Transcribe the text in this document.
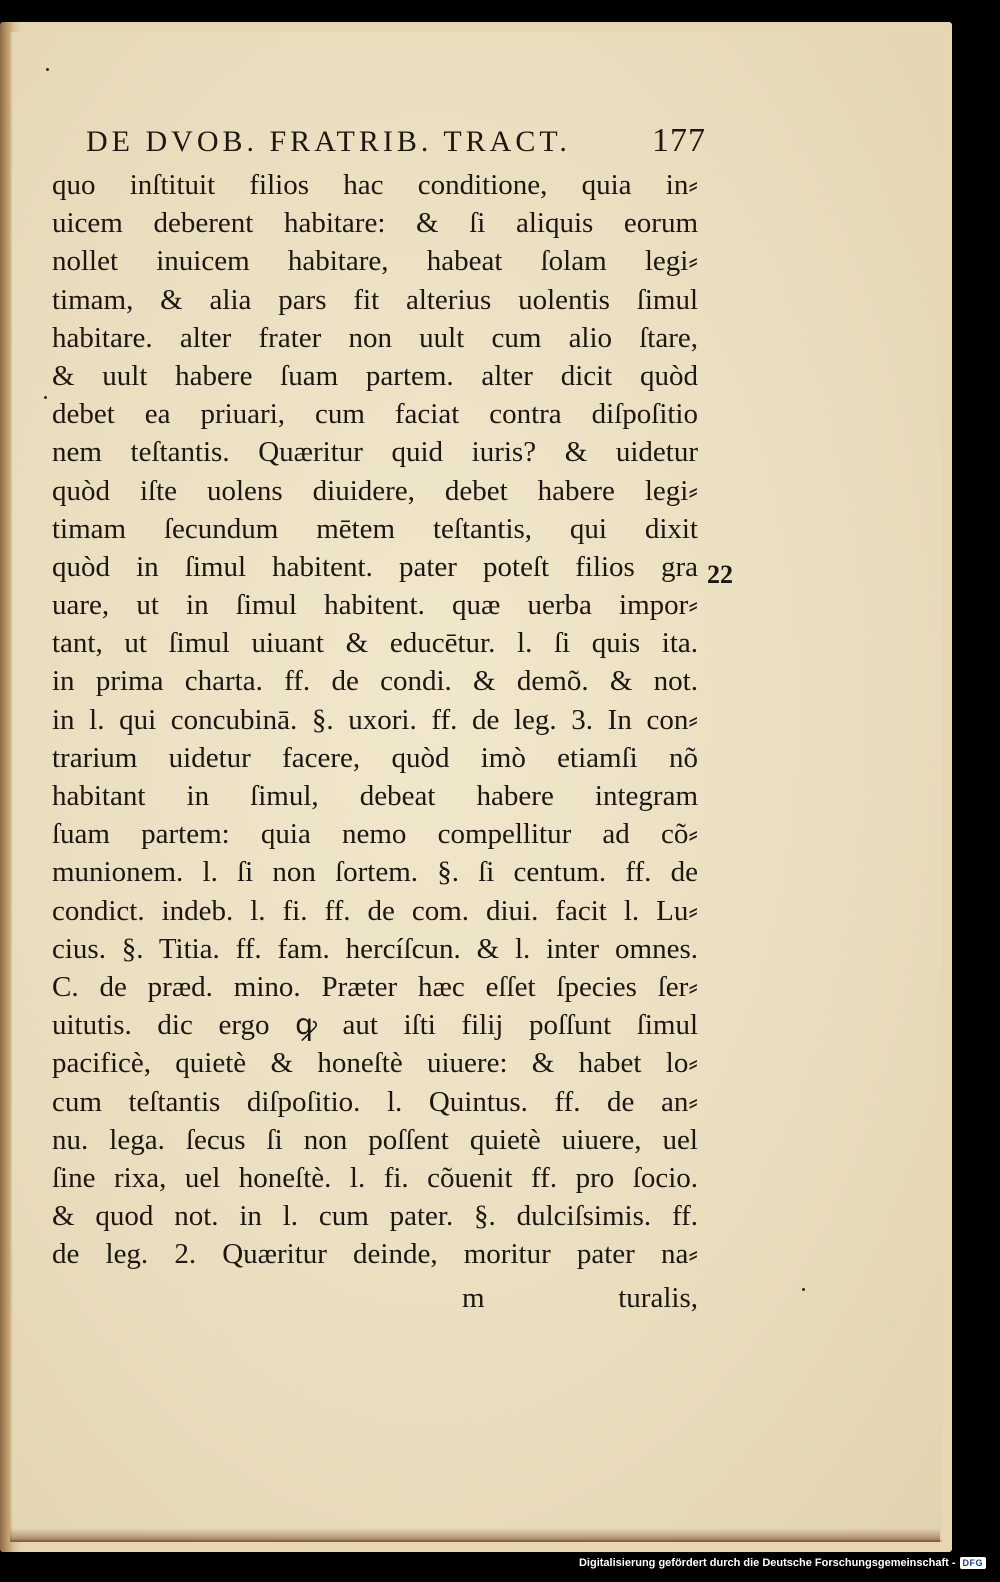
DE DVOB. FRATRIB. TRACT. 177
quo inſtituit filios hac conditione, quia in⸗
uicem deberent habitare: & ſi aliquis eorum
nollet inuicem habitare, habeat ſolam legi⸗
timam, & alia pars fit alterius uolentis ſimul
habitare. alter frater non uult cum alio ſtare,
& uult habere ſuam partem. alter dicit quòd
debet ea priuari, cum faciat contra diſpoſitio
nem teſtantis. Quæritur quid iuris? & uidetur
quòd iſte uolens diuidere, debet habere legi⸗
timam ſecundum mētem teſtantis, qui dixit
quòd in ſimul habitent. pater poteſt filios gra
uare, ut in ſimul habitent. quæ uerba impor⸗
tant, ut ſimul uiuant & educētur. l. ſi quis ita.
in prima charta. ff. de condi. & demõ. & not.
in l. qui concubinā. §. uxori. ff. de leg. 3. In con⸗
trarium uidetur facere, quòd imò etiamſi nõ
habitant in ſimul, debeat habere integram
ſuam partem: quia nemo compellitur ad cõ⸗
munionem. l. ſi non ſortem. §. ſi centum. ff. de
condict. indeb. l. fi. ff. de com. diui. facit l. Lu⸗
cius. §. Titia. ff. fam. hercíſcun. & l. inter omnes.
C. de præd. mino. Præter hæc eſſet ſpecies ſer⸗
uitutis. dic ergo ꝙ aut iſti filij poſſunt ſimul
pacificè, quietè & honeſtè uiuere: & habet lo⸗
cum teſtantis diſpoſitio. l. Quintus. ff. de an⸗
nu. lega. ſecus ſi non poſſent quietè uiuere, uel
ſine rixa, uel honeſtè. l. fi. cõuenit ff. pro ſocio.
& quod not. in l. cum pater. §. dulciſsimis. ff.
de leg. 2. Quæritur deinde, moritur pater na⸗
m	turalis,
22
Digitalisierung gefördert durch die Deutsche Forschungsgemeinschaft - DFG
